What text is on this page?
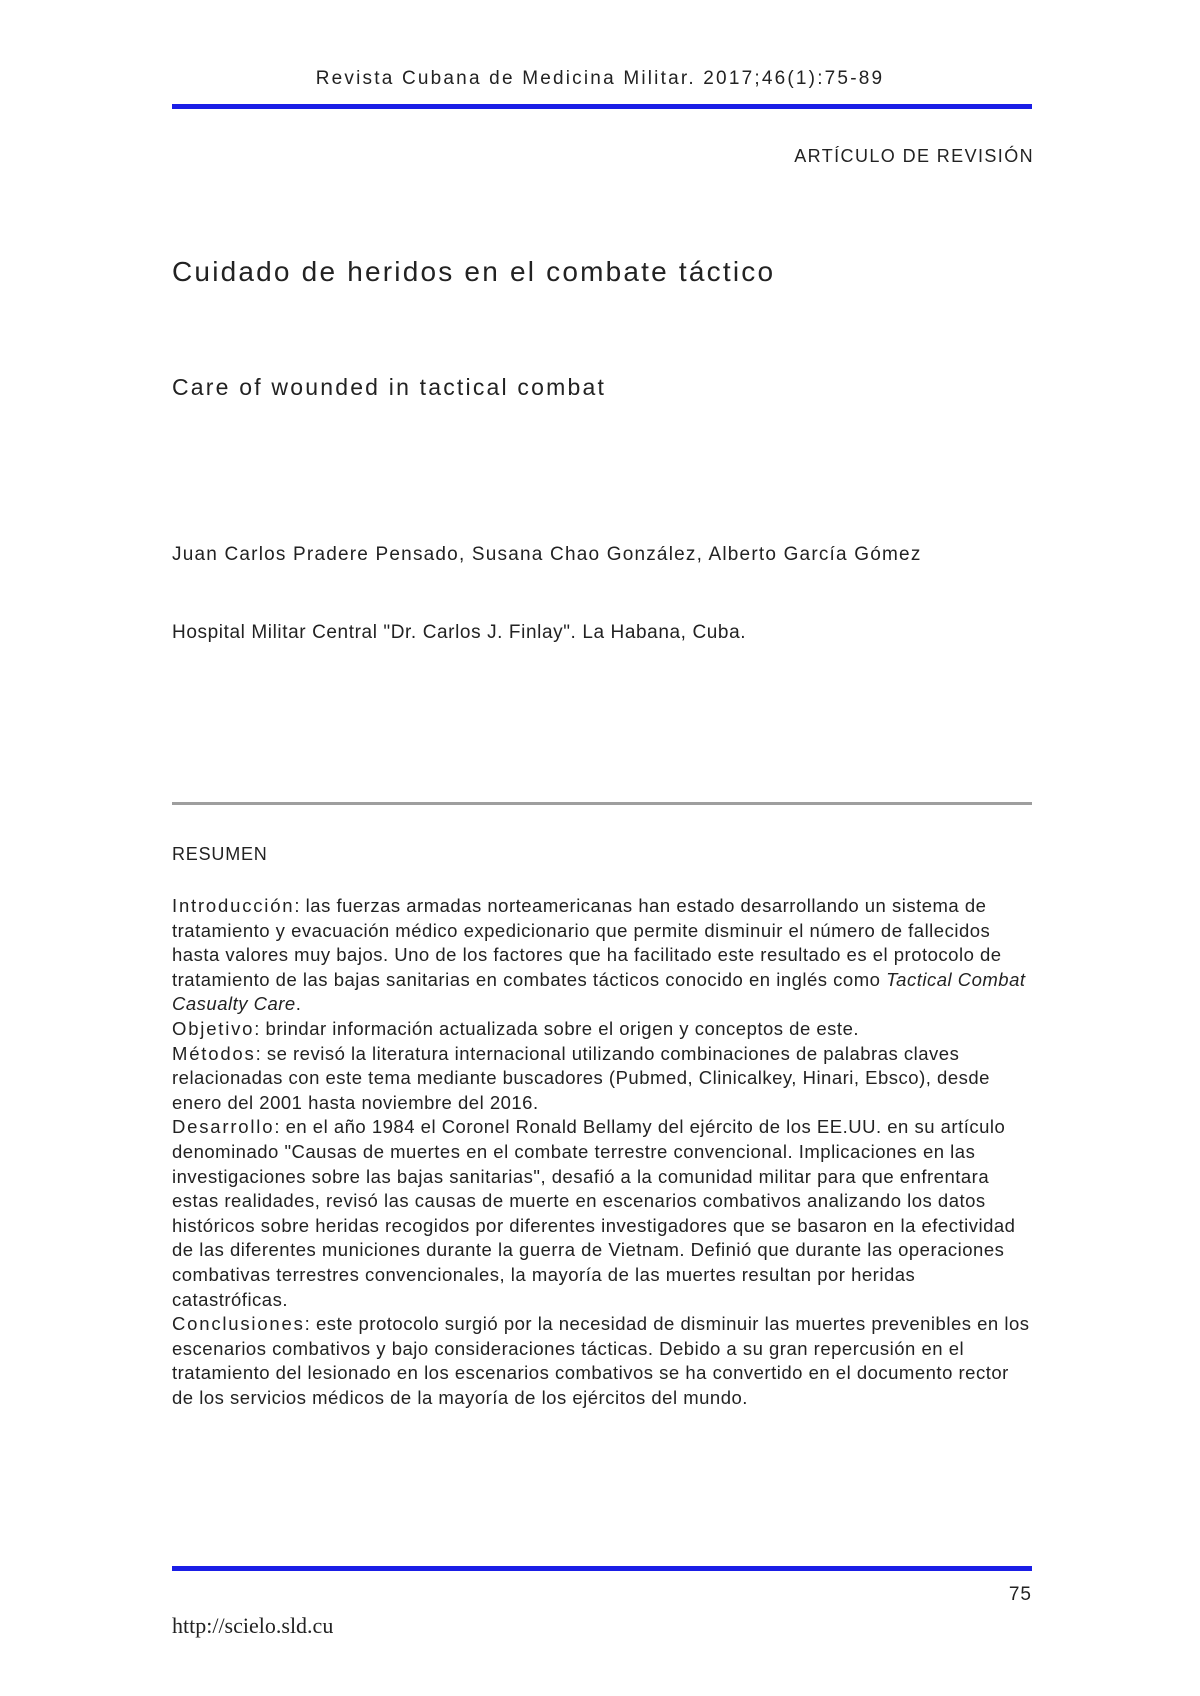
Revista Cubana de Medicina Militar. 2017;46(1):75-89
ARTÍCULO DE REVISIÓN
Cuidado de heridos en el combate táctico
Care of wounded in tactical combat
Juan Carlos Pradere Pensado, Susana Chao González, Alberto García Gómez
Hospital Militar Central "Dr. Carlos J. Finlay". La Habana, Cuba.
RESUMEN

Introducción: las fuerzas armadas norteamericanas han estado desarrollando un sistema de tratamiento y evacuación médico expedicionario que permite disminuir el número de fallecidos hasta valores muy bajos. Uno de los factores que ha facilitado este resultado es el protocolo de tratamiento de las bajas sanitarias en combates tácticos conocido en inglés como Tactical Combat Casualty Care.

Objetivo: brindar información actualizada sobre el origen y conceptos de este.

Métodos: se revisó la literatura internacional utilizando combinaciones de palabras claves relacionadas con este tema mediante buscadores (Pubmed, Clinicalkey, Hinari, Ebsco), desde enero del 2001 hasta noviembre del 2016.

Desarrollo: en el año 1984 el Coronel Ronald Bellamy del ejército de los EE.UU. en su artículo denominado "Causas de muertes en el combate terrestre convencional. Implicaciones en las investigaciones sobre las bajas sanitarias", desafió a la comunidad militar para que enfrentara estas realidades, revisó las causas de muerte en escenarios combativos analizando los datos históricos sobre heridas recogidos por diferentes investigadores que se basaron en la efectividad de las diferentes municiones durante la guerra de Vietnam. Definió que durante las operaciones combativas terrestres convencionales, la mayoría de las muertes resultan por heridas catastróficas.

Conclusiones: este protocolo surgió por la necesidad de disminuir las muertes prevenibles en los escenarios combativos y bajo consideraciones tácticas. Debido a su gran repercusión en el tratamiento del lesionado en los escenarios combativos se ha convertido en el documento rector de los servicios médicos de la mayoría de los ejércitos del mundo.

75
http://scielo.sld.cu
